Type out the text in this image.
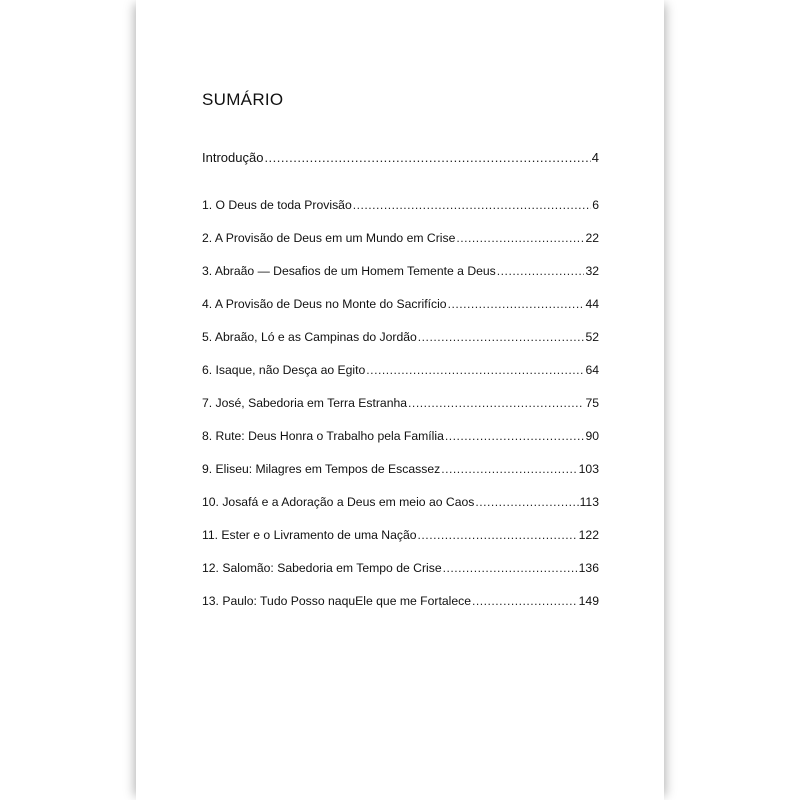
SUMÁRIO
Introdução .....	4
1. O Deus de toda Provisão .....	6
2. A Provisão de Deus em um Mundo em Crise .....	22
3. Abraão — Desafios de um Homem Temente a Deus .....	32
4. A Provisão de Deus no Monte do Sacrifício .....	44
5. Abraão, Ló e as Campinas do Jordão .....	52
6. Isaque, não Desça ao Egito .....	64
7. José, Sabedoria em Terra Estranha .....	75
8. Rute: Deus Honra o Trabalho pela Família .....	90
9. Eliseu: Milagres em Tempos de Escassez .....	103
10. Josafá e a Adoração a Deus em meio ao Caos .....	113
11. Ester e o Livramento de uma Nação .....	122
12. Salomão: Sabedoria em Tempo de Crise .....	136
13. Paulo: Tudo Posso naquEle que me Fortalece .....	149
